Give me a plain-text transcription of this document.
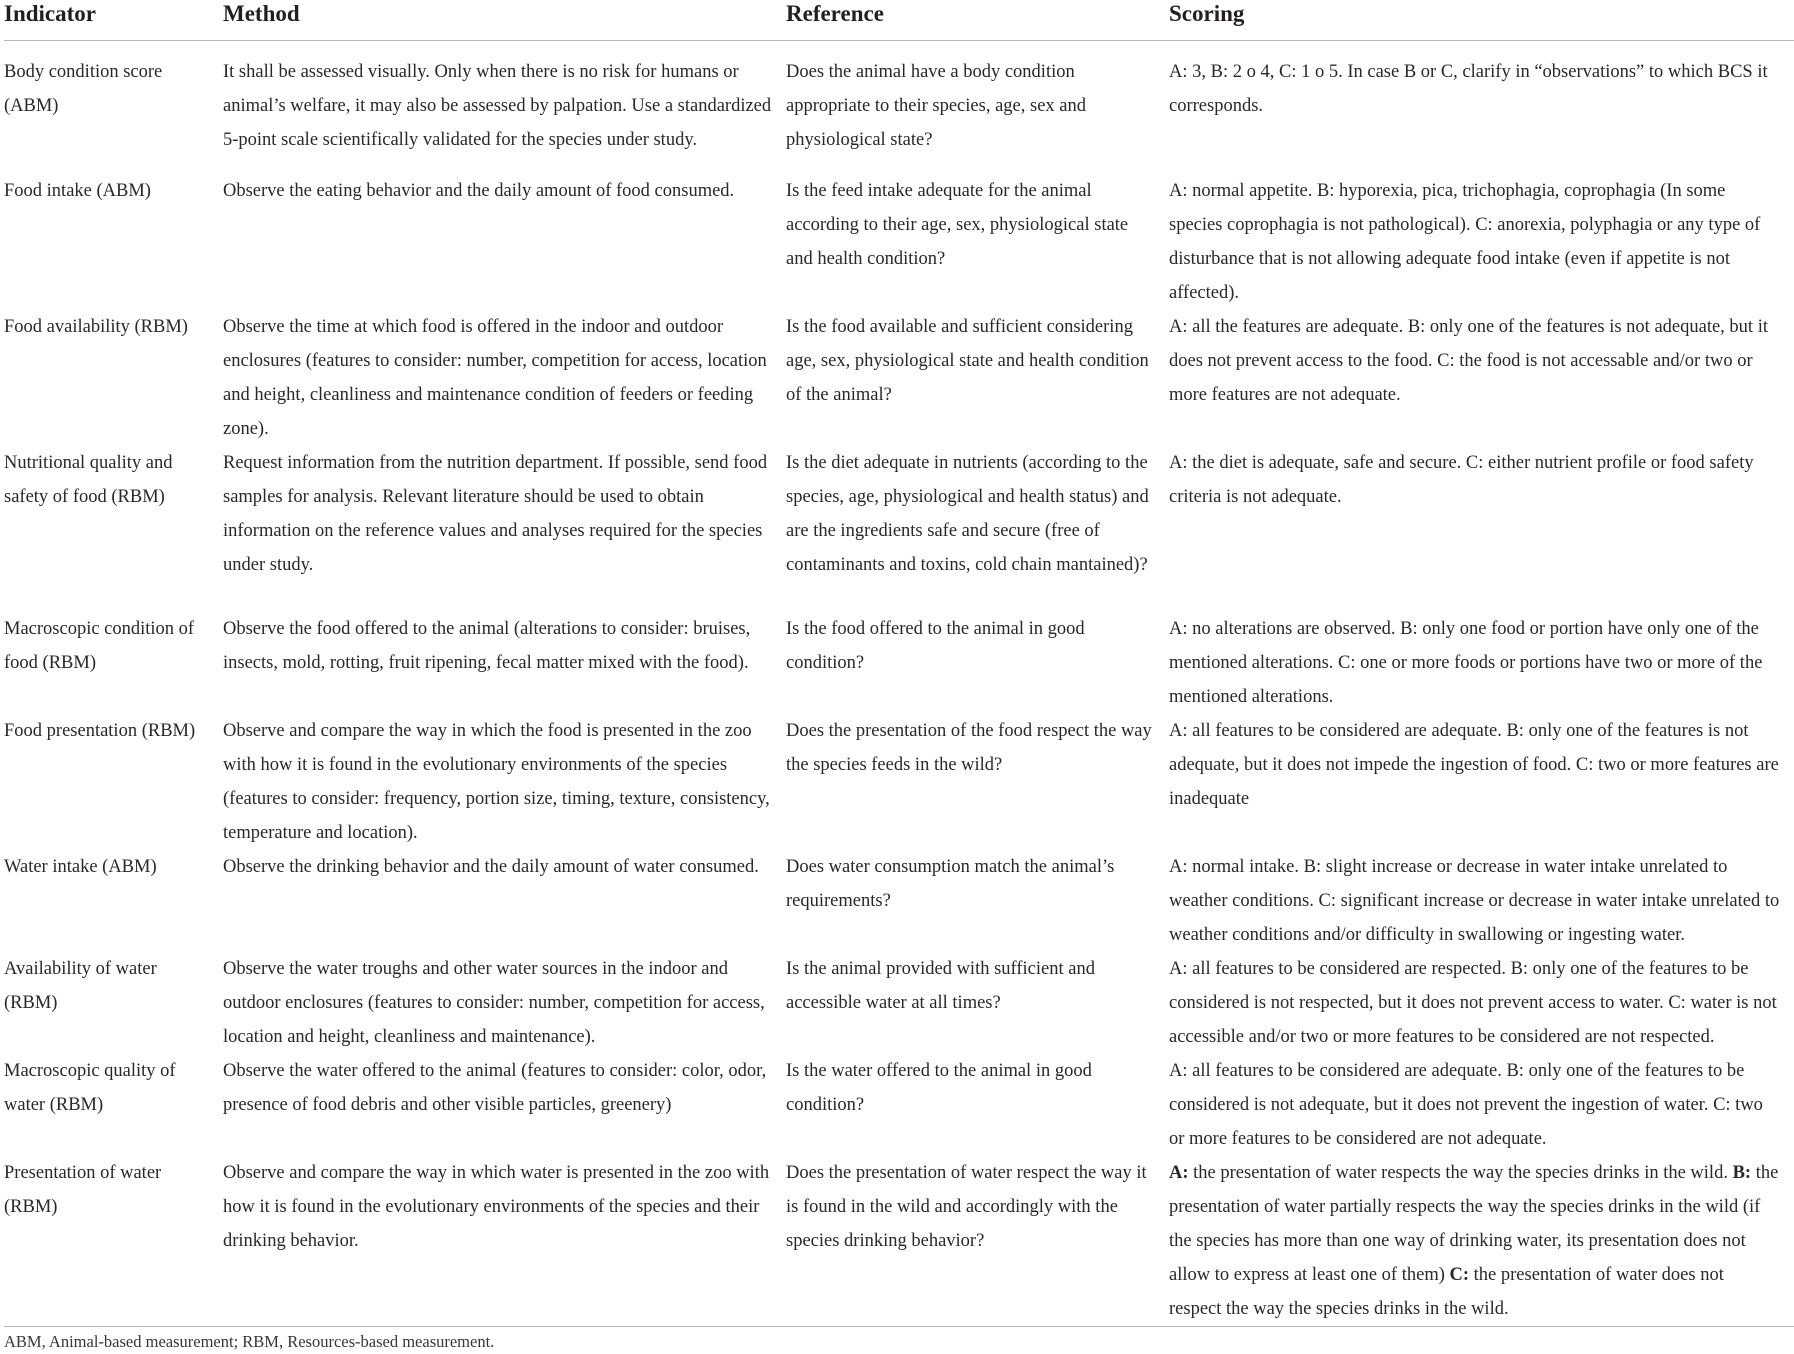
Indicator	Method	Reference	Scoring
Body condition score (ABM)	It shall be assessed visually. Only when there is no risk for humans or animal’s welfare, it may also be assessed by palpation. Use a standardized 5-point scale scientifically validated for the species under study.	Does the animal have a body condition appropriate to their species, age, sex and physiological state?	A: 3, B: 2 o 4, C: 1 o 5. In case B or C, clarify in “observations” to which BCS it corresponds.
Food intake (ABM)	Observe the eating behavior and the daily amount of food consumed.	Is the feed intake adequate for the animal according to their age, sex, physiological state and health condition?	A: normal appetite. B: hyporexia, pica, trichophagia, coprophagia (In some species coprophagia is not pathological). C: anorexia, polyphagia or any type of disturbance that is not allowing adequate food intake (even if appetite is not affected).
Food availability (RBM)	Observe the time at which food is offered in the indoor and outdoor enclosures (features to consider: number, competition for access, location and height, cleanliness and maintenance condition of feeders or feeding zone).	Is the food available and sufficient considering age, sex, physiological state and health condition of the animal?	A: all the features are adequate. B: only one of the features is not adequate, but it does not prevent access to the food. C: the food is not accessable and/or two or more features are not adequate.
Nutritional quality and safety of food (RBM)	Request information from the nutrition department. If possible, send food samples for analysis. Relevant literature should be used to obtain information on the reference values and analyses required for the species under study.	Is the diet adequate in nutrients (according to the species, age, physiological and health status) and are the ingredients safe and secure (free of contaminants and toxins, cold chain mantained)?	A: the diet is adequate, safe and secure. C: either nutrient profile or food safety criteria is not adequate.
Macroscopic condition of food (RBM)	Observe the food offered to the animal (alterations to consider: bruises, insects, mold, rotting, fruit ripening, fecal matter mixed with the food).	Is the food offered to the animal in good condition?	A: no alterations are observed. B: only one food or portion have only one of the mentioned alterations. C: one or more foods or portions have two or more of the mentioned alterations.
Food presentation (RBM)	Observe and compare the way in which the food is presented in the zoo with how it is found in the evolutionary environments of the species (features to consider: frequency, portion size, timing, texture, consistency, temperature and location).	Does the presentation of the food respect the way the species feeds in the wild?	A: all features to be considered are adequate. B: only one of the features is not adequate, but it does not impede the ingestion of food. C: two or more features are inadequate
Water intake (ABM)	Observe the drinking behavior and the daily amount of water consumed.	Does water consumption match the animal’s requirements?	A: normal intake. B: slight increase or decrease in water intake unrelated to weather conditions. C: significant increase or decrease in water intake unrelated to weather conditions and/or difficulty in swallowing or ingesting water.
Availability of water (RBM)	Observe the water troughs and other water sources in the indoor and outdoor enclosures (features to consider: number, competition for access, location and height, cleanliness and maintenance).	Is the animal provided with sufficient and accessible water at all times?	A: all features to be considered are respected. B: only one of the features to be considered is not respected, but it does not prevent access to water. C: water is not accessible and/or two or more features to be considered are not respected.
Macroscopic quality of water (RBM)	Observe the water offered to the animal (features to consider: color, odor, presence of food debris and other visible particles, greenery)	Is the water offered to the animal in good condition?	A: all features to be considered are adequate. B: only one of the features to be considered is not adequate, but it does not prevent the ingestion of water. C: two or more features to be considered are not adequate.
Presentation of water (RBM)	Observe and compare the way in which water is presented in the zoo with how it is found in the evolutionary environments of the species and their drinking behavior.	Does the presentation of water respect the way it is found in the wild and accordingly with the species drinking behavior?	A: the presentation of water respects the way the species drinks in the wild. B: the presentation of water partially respects the way the species drinks in the wild (if the species has more than one way of drinking water, its presentation does not allow to express at least one of them) C: the presentation of water does not respect the way the species drinks in the wild.
ABM, Animal-based measurement; RBM, Resources-based measurement.
